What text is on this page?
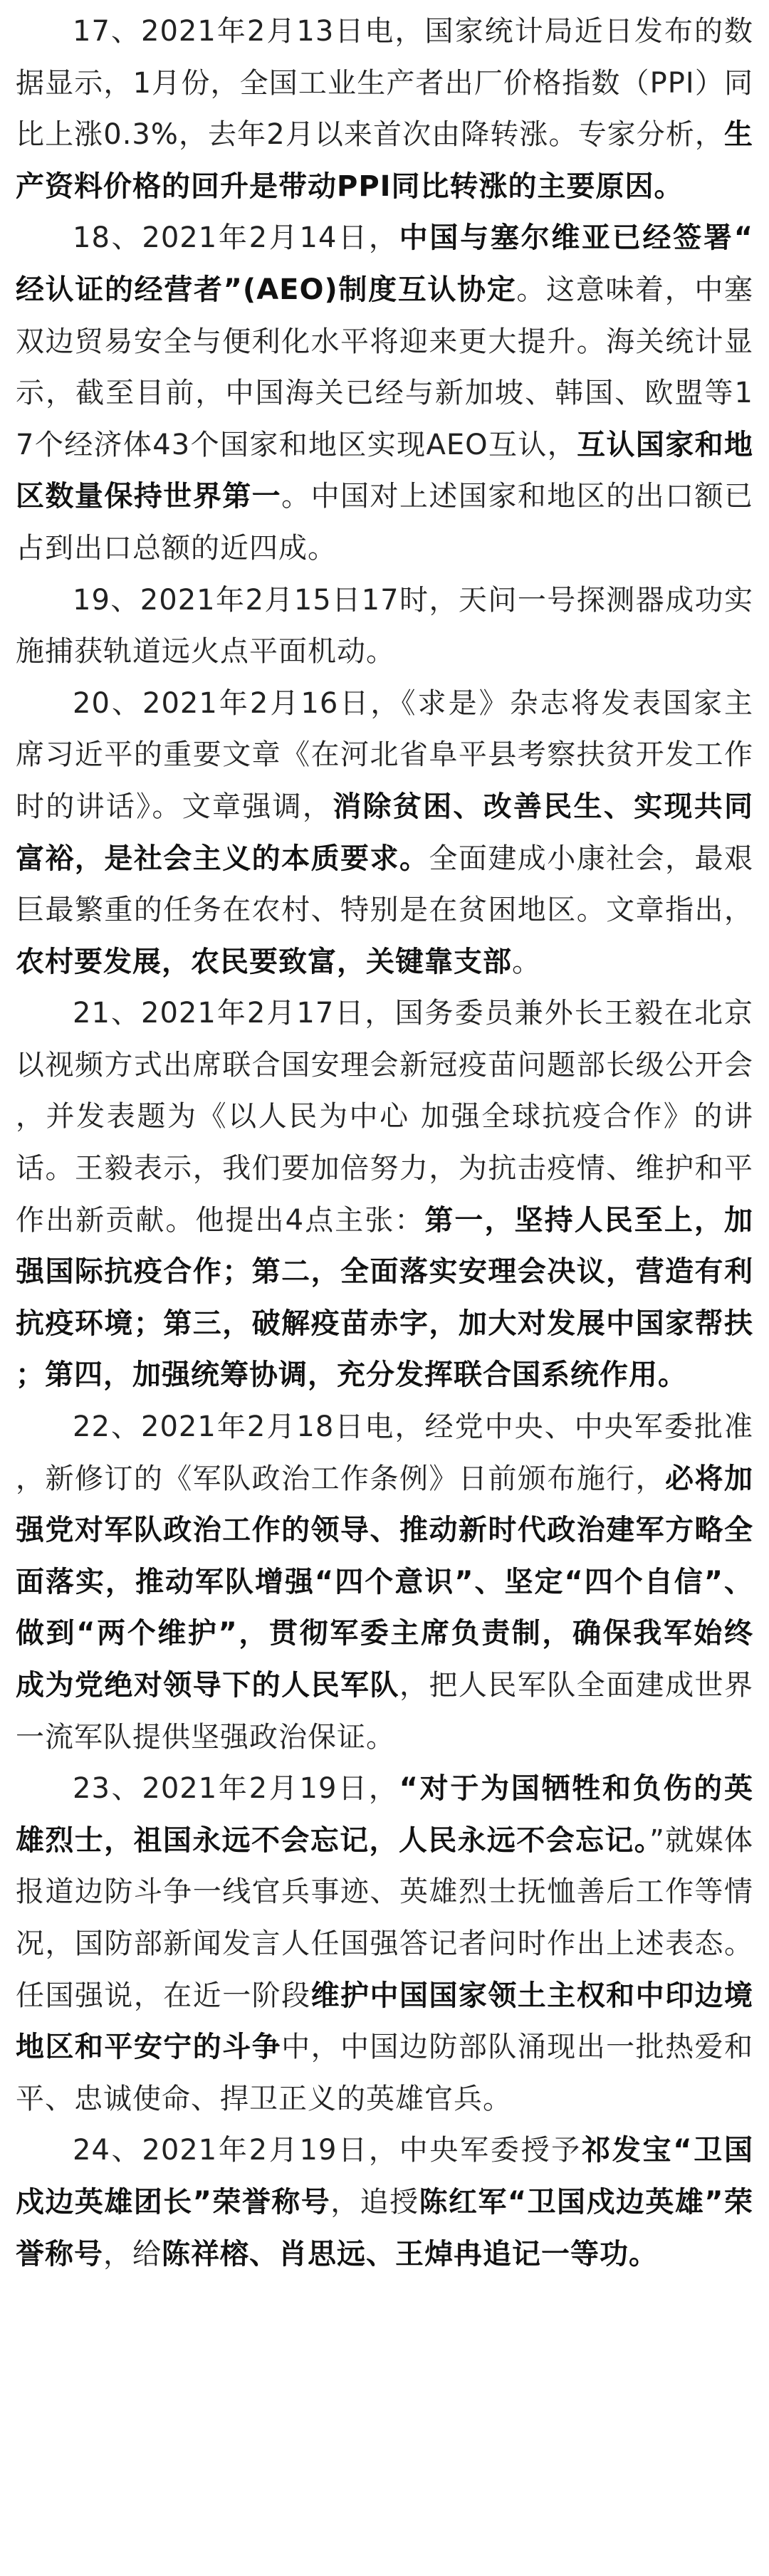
17、2021年2月13日电，国家统计局近日发布的数据显示，1月份，全国工业生产者出厂价格指数（PPI）同比上涨0.3%，去年2月以来首次由降转涨。专家分析，生产资料价格的回升是带动PPI同比转涨的主要原因。

18、2021年2月14日，中国与塞尔维亚已经签署“经认证的经营者”(AEO)制度互认协定。这意味着，中塞双边贸易安全与便利化水平将迎来更大提升。海关统计显示，截至目前，中国海关已经与新加坡、韩国、欧盟等17个经济体43个国家和地区实现AEO互认，互认国家和地区数量保持世界第一。中国对上述国家和地区的出口额已占到出口总额的近四成。

19、2021年2月15日17时，天问一号探测器成功实施捕获轨道远火点平面机动。

20、2021年2月16日，《求是》杂志将发表国家主席习近平的重要文章《在河北省阜平县考察扶贫开发工作时的讲话》。文章强调，消除贫困、改善民生、实现共同富裕，是社会主义的本质要求。全面建成小康社会，最艰巨最繁重的任务在农村、特别是在贫困地区。文章指出，农村要发展，农民要致富，关键靠支部。

21、2021年2月17日，国务委员兼外长王毅在北京以视频方式出席联合国安理会新冠疫苗问题部长级公开会，并发表题为《以人民为中心 加强全球抗疫合作》的讲话。王毅表示，我们要加倍努力，为抗击疫情、维护和平作出新贡献。他提出4点主张：第一，坚持人民至上，加强国际抗疫合作；第二，全面落实安理会决议，营造有利抗疫环境；第三，破解疫苗赤字，加大对发展中国家帮扶；第四，加强统筹协调，充分发挥联合国系统作用。

22、2021年2月18日电，经党中央、中央军委批准，新修订的《军队政治工作条例》日前颁布施行，必将加强党对军队政治工作的领导、推动新时代政治建军方略全面落实，推动军队增强“四个意识”、坚定“四个自信”、做到“两个维护”，贯彻军委主席负责制，确保我军始终成为党绝对领导下的人民军队，把人民军队全面建成世界一流军队提供坚强政治保证。

23、2021年2月19日，“对于为国牺牲和负伤的英雄烈士，祖国永远不会忘记，人民永远不会忘记。”就媒体报道边防斗争一线官兵事迹、英雄烈士抚恤善后工作等情况，国防部新闻发言人任国强答记者问时作出上述表态。任国强说，在近一阶段维护中国国家领土主权和中印边境地区和平安宁的斗争中，中国边防部队涌现出一批热爱和平、忠诚使命、捍卫正义的英雄官兵。

24、2021年2月19日，中央军委授予祁发宝“卫国戍边英雄团长”荣誉称号，追授陈红军“卫国戍边英雄”荣誉称号，给陈祥榕、肖思远、王焯冉追记一等功。
